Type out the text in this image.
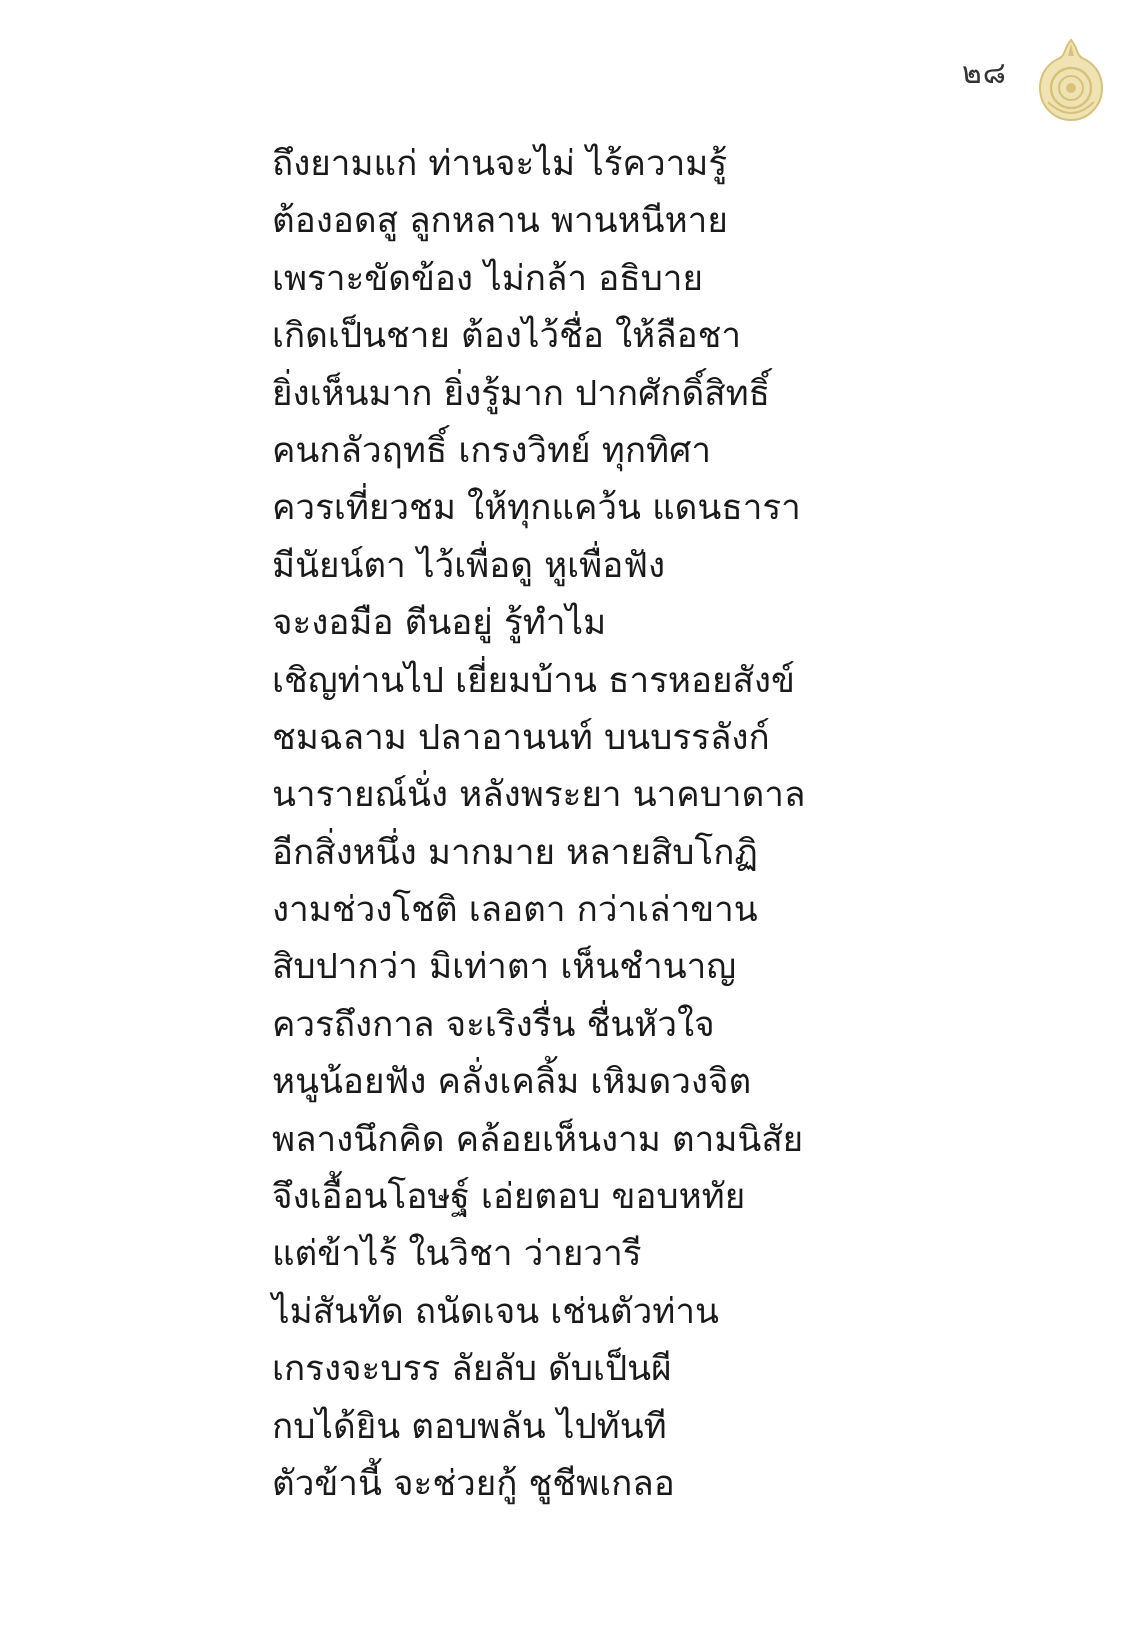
๒๘
ถึงยามแก่ ท่านจะไม่ ไร้ความรู้
ต้องอดสู ลูกหลาน พานหนีหาย
เพราะขัดข้อง ไม่กล้า อธิบาย
เกิดเป็นชาย ต้องไว้ชื่อ ให้ลือชา
ยิ่งเห็นมาก ยิ่งรู้มาก ปากศักดิ์สิทธิ์
คนกลัวฤทธิ์ เกรงวิทย์ ทุกทิศา
ควรเที่ยวชม ให้ทุกแคว้น แดนธารา
มีนัยน์ตา ไว้เพื่อดู หูเพื่อฟัง
จะงอมือ ตีนอยู่ รู้ทำไม
เชิญท่านไป เยี่ยมบ้าน ธารหอยสังข์
ชมฉลาม ปลาอานนท์ บนบรรลังก์
นารายณ์นั่ง หลังพระยา นาคบาดาล
อีกสิ่งหนึ่ง มากมาย หลายสิบโกฏิ
งามช่วงโชติ เลอตา กว่าเล่าขาน
สิบปากว่า มิเท่าตา เห็นชำนาญ
ควรถึงกาล จะเริงรื่น ชื่นหัวใจ
หนูน้อยฟัง คลั่งเคลิ้ม เหิมดวงจิต
พลางนึกคิด คล้อยเห็นงาม ตามนิสัย
จึงเอื้อนโอษฐ์ เอ่ยตอบ ขอบหทัย
แต่ข้าไร้ ในวิชา ว่ายวารี
ไม่สันทัด ถนัดเจน เช่นตัวท่าน
เกรงจะบรร ลัยลับ ดับเป็นผี
กบได้ยิน ตอบพลัน ไปทันที
ตัวข้านี้ จะช่วยกู้ ชูชีพเกลอ
